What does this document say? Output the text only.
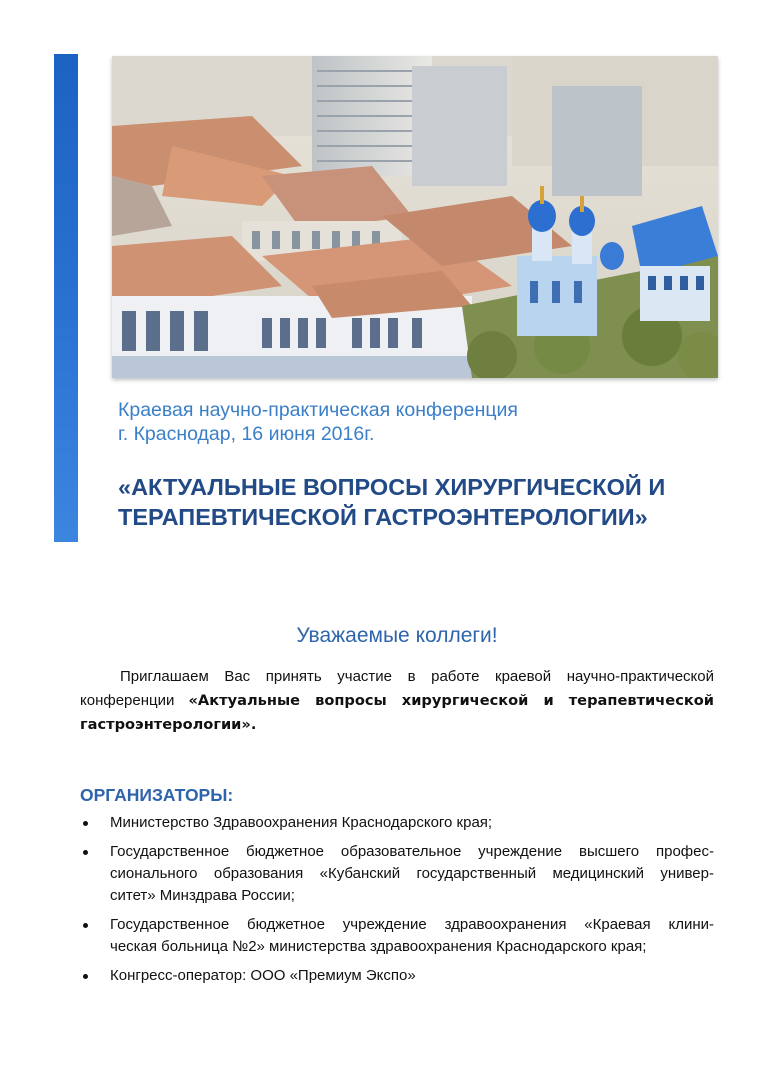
Краевая научно-практическая конференция
г. Краснодар, 16 июня 2016г.
«АКТУАЛЬНЫЕ ВОПРОСЫ ХИРУРГИЧЕСКОЙ И
ТЕРАПЕВТИЧЕСКОЙ ГАСТРОЭНТЕРОЛОГИИ»
Уважаемые коллеги!
Приглашаем Вас принять участие в работе краевой научно-практической
конференции «Актуальные вопросы хирургической и терапевтической
гастроэнтерологии».
ОРГАНИЗАТОРЫ:
Министерство Здравоохранения Краснодарского края;
Государственное бюджетное образовательное учреждение высшего профес-
сионального образования «Кубанский государственный медицинский универ-
ситет» Минздрава России;
Государственное бюджетное учреждение здравоохранения «Краевая клини-
ческая больница №2» министерства здравоохранения Краснодарского края;
Конгресс-оператор: ООО «Премиум Экспо»
